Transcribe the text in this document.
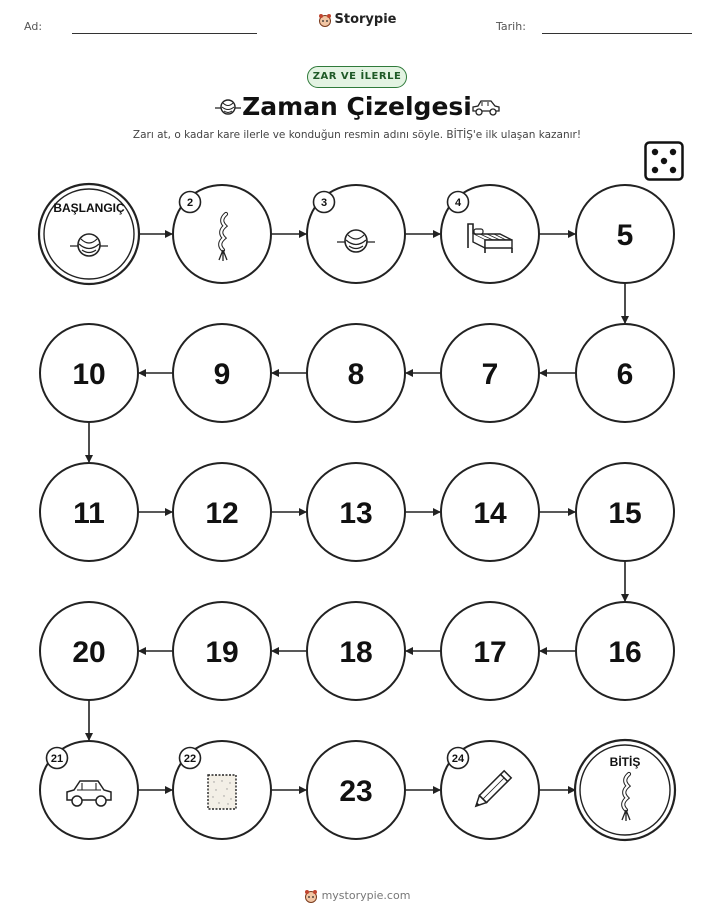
Ad:	Storypie	Tarih:
ZAR VE İLERLE
Zaman Çizelgesi
Zarı at, o kadar kare ilerle ve konduğun resmin adını söyle. BİTİŞ'e ilk ulaşan kazanır!
BAŞLANGIÇ	2	3	4
5
6
7
8
9
10
11	12	13	14	15
16
17
18
19
20
21	22
23
24	BİTİŞ
mystorypie.com
